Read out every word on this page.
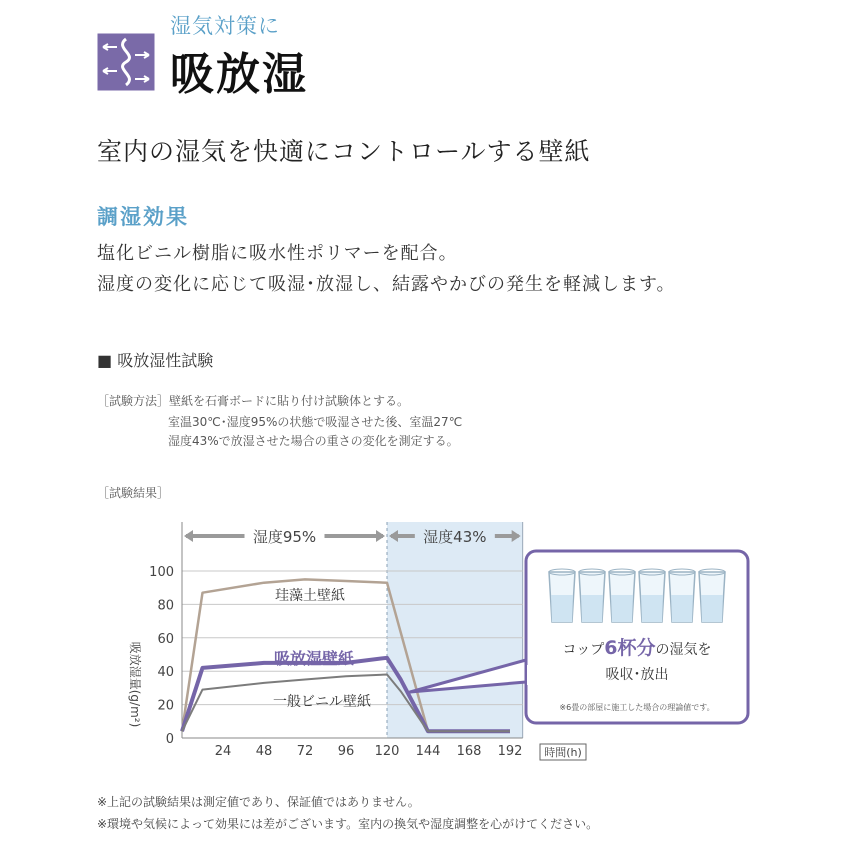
湿気対策に
吸放湿
室内の湿気を快適にコントロールする壁紙
調湿効果
塩化ビニル樹脂に吸水性ポリマーを配合。
湿度の変化に応じて吸湿･放湿し、結露やかびの発生を軽減します。
■ 吸放湿性試験
［試験方法］壁紙を石膏ボードに貼り付け試験体とする。
室温30℃･湿度95%の状態で吸湿させた後、室温27℃
湿度43%で放湿させた場合の重さの変化を測定する。
［試験結果］
湿度95%	湿度43%
0
20
40
60
80
100
24 48 72 96 120 144 168 192 時間(h)
吸放湿量(g/m²)
珪藻土壁紙
吸放湿壁紙
一般ビニル壁紙
コップ6杯分の湿気を
吸収･放出
※6畳の部屋に施工した場合の理論値です。
※上記の試験結果は測定値であり、保証値ではありません。
※環境や気候によって効果には差がございます。室内の換気や湿度調整を心がけてください。
